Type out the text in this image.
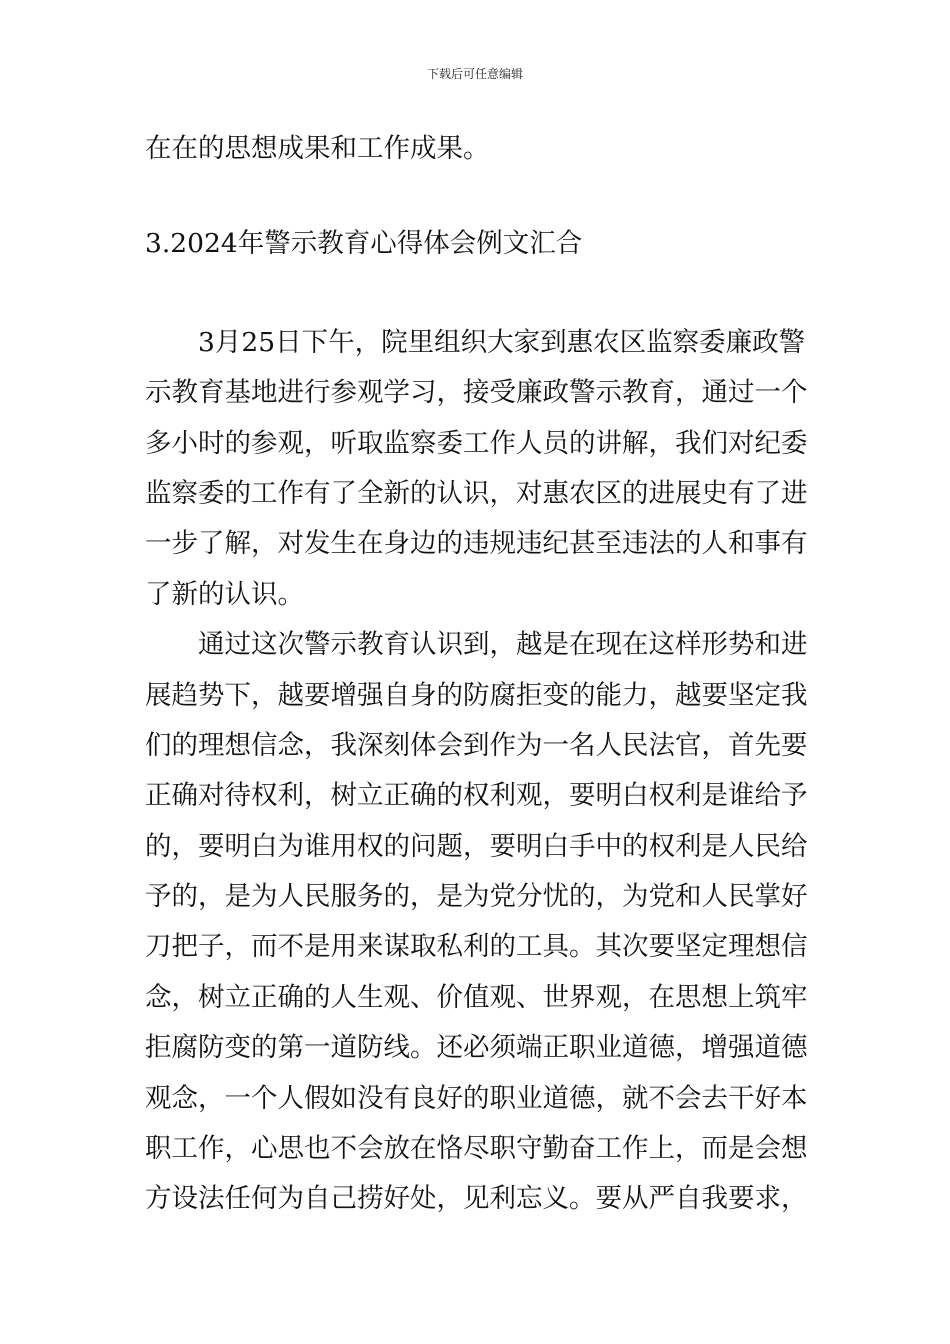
下载后可任意编辑
在在的思想成果和工作成果。
3.2024年警示教育心得体会例文汇合
3月25日下午，院里组织大家到惠农区监察委廉政警
示教育基地进行参观学习，接受廉政警示教育，通过一个
多小时的参观，听取监察委工作人员的讲解，我们对纪委
监察委的工作有了全新的认识，对惠农区的进展史有了进
一步了解，对发生在身边的违规违纪甚至违法的人和事有
了新的认识。
通过这次警示教育认识到，越是在现在这样形势和进
展趋势下，越要增强自身的防腐拒变的能力，越要坚定我
们的理想信念，我深刻体会到作为一名人民法官，首先要
正确对待权利，树立正确的权利观，要明白权利是谁给予
的，要明白为谁用权的问题，要明白手中的权利是人民给
予的，是为人民服务的，是为党分忧的，为党和人民掌好
刀把子，而不是用来谋取私利的工具。其次要坚定理想信
念，树立正确的人生观、价值观、世界观，在思想上筑牢
拒腐防变的第一道防线。还必须端正职业道德，增强道德
观念，一个人假如没有良好的职业道德，就不会去干好本
职工作，心思也不会放在恪尽职守勤奋工作上，而是会想
方设法任何为自己捞好处，见利忘义。要从严自我要求，
